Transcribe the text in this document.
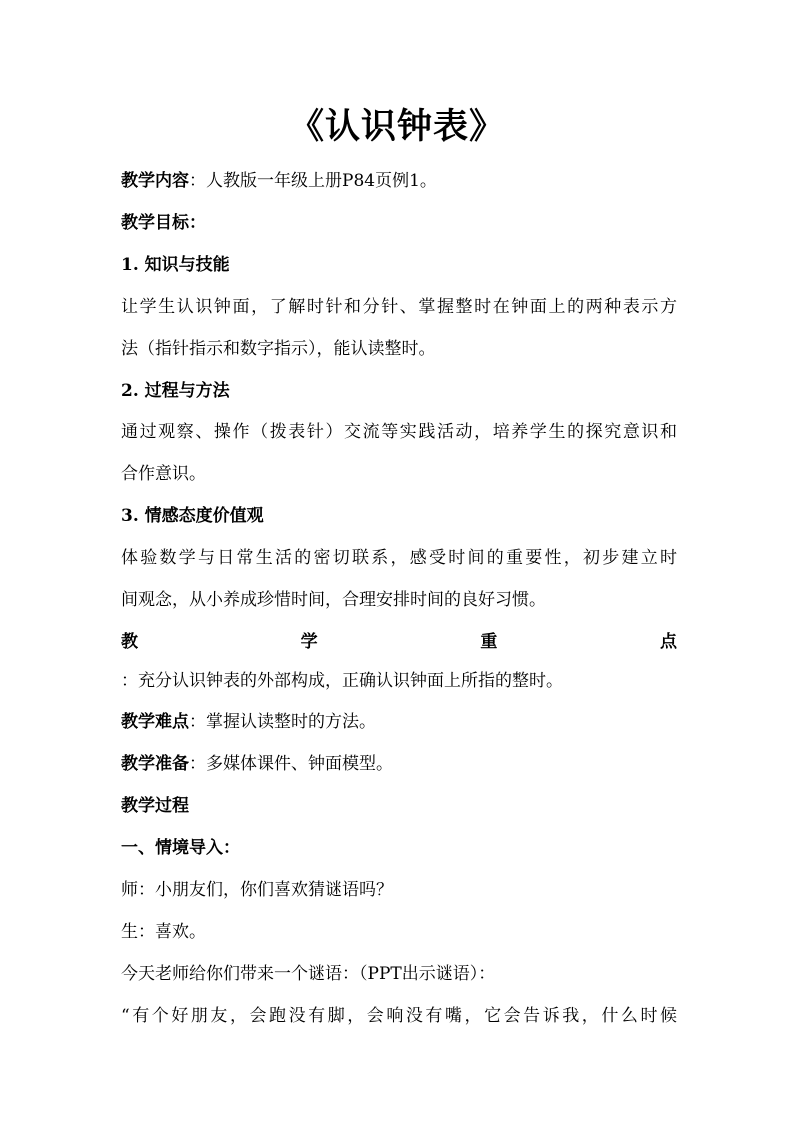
《认识钟表》

教学内容：人教版一年级上册P84页例1。

教学目标：

1. 知识与技能

让学生认识钟面，了解时针和分针、掌握整时在钟面上的两种表示方

法（指针指示和数字指示），能认读整时。

2. 过程与方法

通过观察、操作（拨表针）交流等实践活动，培养学生的探究意识和

合作意识。

3. 情感态度价值观

体验数学与日常生活的密切联系，感受时间的重要性，初步建立时

间观念，从小养成珍惜时间，合理安排时间的良好习惯。

教	学	重	点

：充分认识钟表的外部构成，正确认识钟面上所指的整时。

教学难点：掌握认读整时的方法。

教学准备：多媒体课件、钟面模型。

教学过程

一、情境导入：

师：小朋友们，你们喜欢猜谜语吗？

生：喜欢。

今天老师给你们带来一个谜语：（PPT出示谜语）：

“有个好朋友，会跑没有脚，会响没有嘴，它会告诉我，什么时候
